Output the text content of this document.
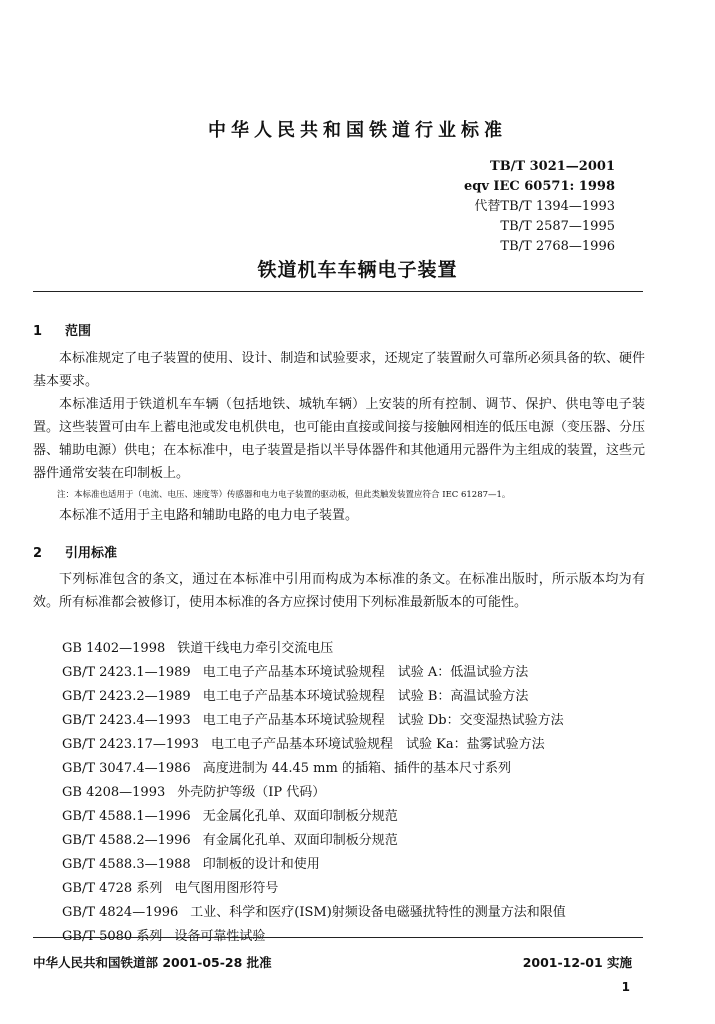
中华人民共和国铁道行业标准
TB/T 3021—2001
eqv IEC 60571: 1998
代替	TB/T 1394—1993
TB/T 2587—1995
TB/T 2768—1996
铁道机车车辆电子装置
1 范围

本标准规定了电子装置的使用、设计、制造和试验要求，还规定了装置耐久可靠所必须具备的软、硬件基本要求。

本标准适用于铁道机车车辆（包括地铁、城轨车辆）上安装的所有控制、调节、保护、供电等电子装置。这些装置可由车上蓄电池或发电机供电，也可能由直接或间接与接触网相连的低压电源（变压器、分压器、辅助电源）供电；在本标准中，电子装置是指以半导体器件和其他通用元器件为主组成的装置，这些元器件通常安装在印制板上。

注：本标准也适用于（电流、电压、速度等）传感器和电力电子装置的驱动板，但此类触发装置应符合 IEC 61287—1。

本标准不适用于主电路和辅助电路的电力电子装置。

2 引用标准

下列标准包含的条文，通过在本标准中引用而构成为本标准的条文。在标准出版时，所示版本均为有效。所有标准都会被修订，使用本标准的各方应探讨使用下列标准最新版本的可能性。

GB 1402—1998 铁道干线电力牵引交流电压
GB/T 2423.1—1989 电工电子产品基本环境试验规程　试验 A：低温试验方法
GB/T 2423.2—1989 电工电子产品基本环境试验规程　试验 B：高温试验方法
GB/T 2423.4—1993 电工电子产品基本环境试验规程　试验 Db：交变湿热试验方法
GB/T 2423.17—1993 电工电子产品基本环境试验规程　试验 Ka：盐雾试验方法
GB/T 3047.4—1986 高度进制为 44.45 mm 的插箱、插件的基本尺寸系列
GB 4208—1993 外壳防护等级（IP 代码）
GB/T 4588.1—1996 无金属化孔单、双面印制板分规范
GB/T 4588.2—1996 有金属化孔单、双面印制板分规范
GB/T 4588.3—1988 印制板的设计和使用
GB/T 4728 系列 电气图用图形符号
GB/T 4824—1996 工业、科学和医疗(ISM)射频设备电磁骚扰特性的测量方法和限值
GB/T 5080 系列 设备可靠性试验
中华人民共和国铁道部 2001-05-28 批准	2001-12-01 实施
1
